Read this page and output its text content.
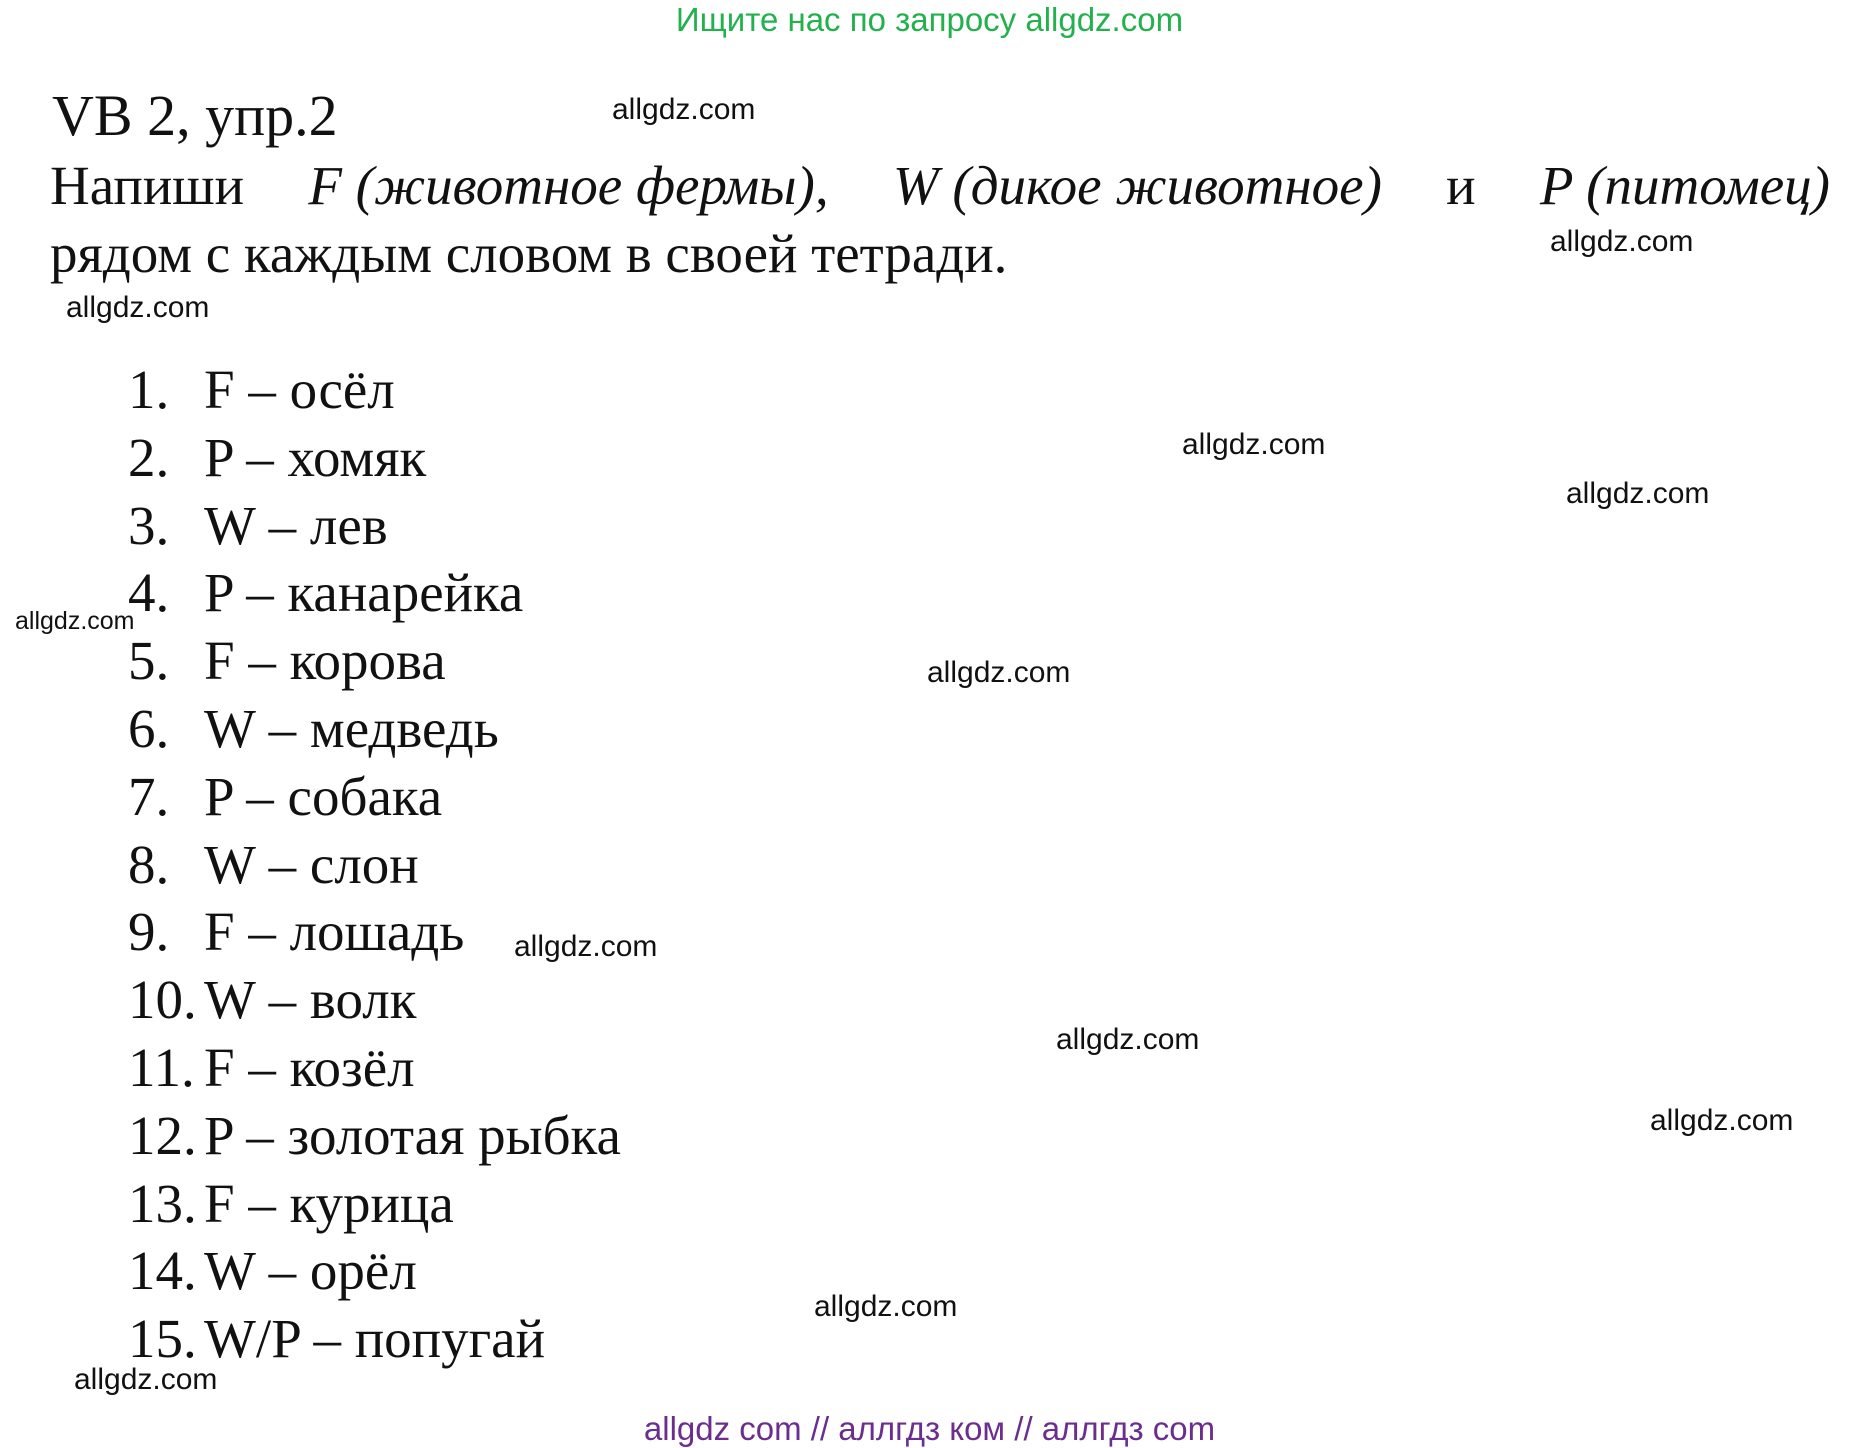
Ищите нас по запросу allgdz.com
VB 2, упр.2
Напиши F (животное фермы), W (дикое животное) и P (питомец)
рядом с каждым словом в своей тетради.
1. F – осёл
2. P – хомяк
3. W – лев
4. P – канарейка
5. F – корова
6. W – медведь
7. P – собака
8. W – слон
9. F – лошадь
10. W – волк
11. F – козёл
12. P – золотая рыбка
13. F – курица
14. W – орёл
15. W/P – попугай
allgdz.com
allgdz.com
allgdz.com
allgdz.com
allgdz.com
allgdz.com
allgdz.com
allgdz.com
allgdz.com
allgdz.com
allgdz.com
allgdz.com
allgdz com // аллгдз ком // аллгдз com
